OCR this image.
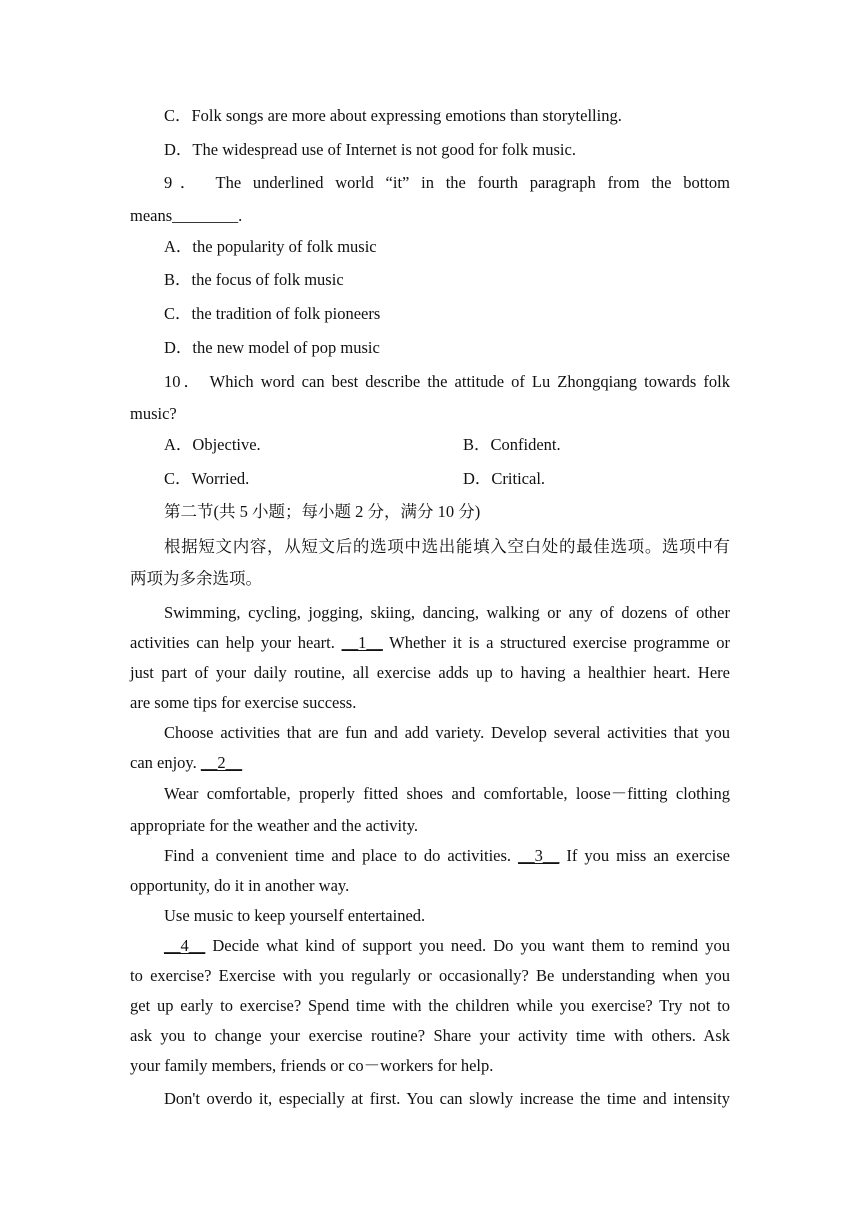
C．Folk songs are more about expressing emotions than storytelling.
D．The widespread use of Internet is not good for folk music.
9． The underlined world “it” in the fourth paragraph from the bottom
means________.
A．the popularity of folk music
B．the focus of folk music
C．the tradition of folk pioneers
D．the new model of pop music
10． Which word can best describe the attitude of Lu Zhongqiang towards folk
music?
A．Objective.	B．Confident.
C．Worried.	D．Critical.
第二节(共 5 小题；每小题 2 分，满分 10 分)
根据短文内容，从短文后的选项中选出能填入空白处的最佳选项。选项中有
两项为多余选项。
Swimming, cycling, jogging, skiing, dancing, walking or any of dozens of other
activities can help your heart. __1__ Whether it is a structured exercise programme or
just part of your daily routine, all exercise adds up to having a healthier heart. Here
are some tips for exercise success.
Choose activities that are fun and add variety. Develop several activities that you
can enjoy. __2__
Wear comfortable, properly fitted shoes and comfortable, loose－fitting clothing
appropriate for the weather and the activity.
Find a convenient time and place to do activities. __3__ If you miss an exercise
opportunity, do it in another way.
Use music to keep yourself entertained.
__4__ Decide what kind of support you need. Do you want them to remind you
to exercise? Exercise with you regularly or occasionally? Be understanding when you
get up early to exercise? Spend time with the children while you exercise? Try not to
ask you to change your exercise routine? Share your activity time with others. Ask
your family members, friends or co－workers for help.
Don't overdo it, especially at first. You can slowly increase the time and intensity
